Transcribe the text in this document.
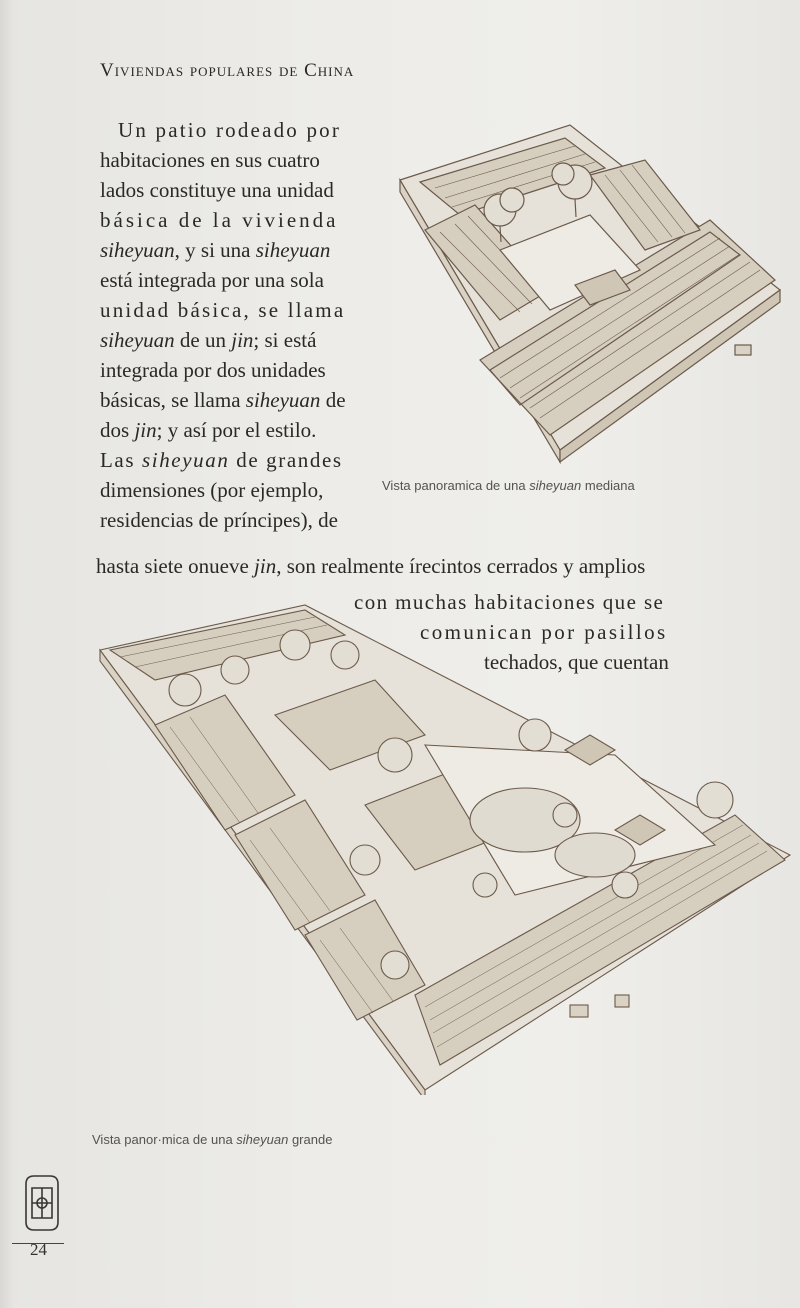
Viviendas populares de China
Un patio rodeado por
habitaciones en sus cuatro
lados constituye una unidad
básica de la vivienda
siheyuan, y si una siheyuan
está integrada por una sola
unidad básica, se llama
siheyuan de un jin; si está
integrada por dos unidades
básicas, se llama siheyuan de
dos jin; y así por el estilo.
Las siheyuan de grandes
dimensiones (por ejemplo,
residencias de príncipes), de
hasta siete onueve jin, son realmente írecintos cerrados y amplios
con muchas habitaciones que se
comunican por pasillos
techados, que cuentan
Vista panoramica de una siheyuan mediana
Vista panor·mica de una siheyuan grande
24
